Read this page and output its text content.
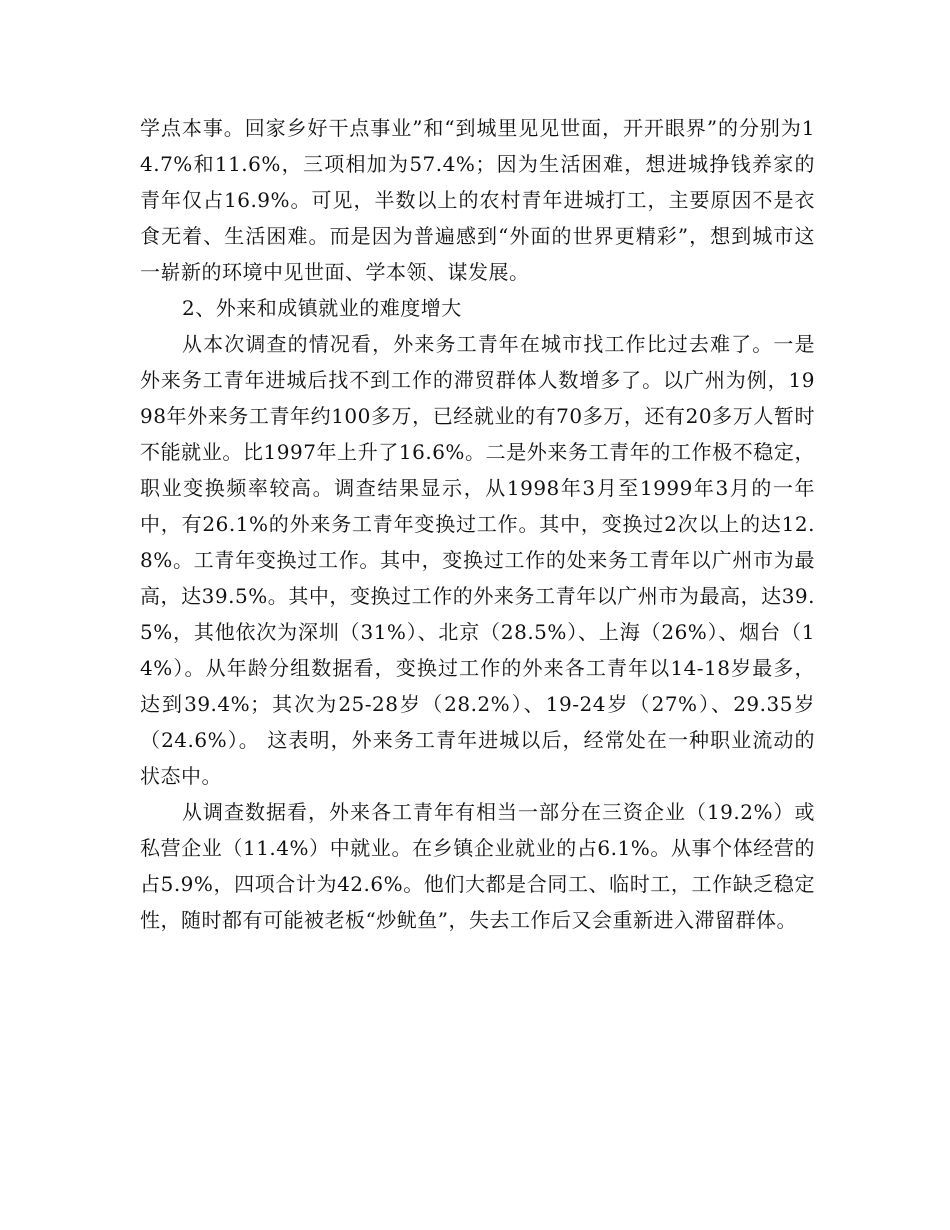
学点本事。回家乡好干点事业”和“到城里见见世面，开开眼界”的分别为14.7%和11.6%，三项相加为57.4%；因为生活困难，想进城挣钱养家的青年仅占16.9%。可见，半数以上的农村青年进城打工，主要原因不是衣食无着、生活困难。而是因为普遍感到“外面的世界更精彩”，想到城市这一崭新的环境中见世面、学本领、谋发展。

2、外来和成镇就业的难度增大

从本次调查的情况看，外来务工青年在城市找工作比过去难了。一是外来务工青年进城后找不到工作的滞贸群体人数增多了。以广州为例，1998年外来务工青年约100多万，已经就业的有70多万，还有20多万人暂时不能就业。比1997年上升了16.6%。二是外来务工青年的工作极不稳定，职业变换频率较高。调查结果显示，从1998年3月至1999年3月的一年中，有26.1%的外来务工青年变换过工作。其中，变换过2次以上的达12.8%。工青年变换过工作。其中，变换过工作的处来务工青年以广州市为最高，达39.5%。其中，变换过工作的外来务工青年以广州市为最高，达39.5%，其他依次为深圳（31%）、北京（28.5%）、上海（26%）、烟台（14%）。从年龄分组数据看，变换过工作的外来各工青年以14-18岁最多，达到39.4%；其次为25-28岁（28.2%）、19-24岁（27%）、29.35岁（24.6%）。 这表明，外来务工青年进城以后，经常处在一种职业流动的状态中。

从调查数据看，外来各工青年有相当一部分在三资企业（19.2%）或私营企业（11.4%）中就业。在乡镇企业就业的占6.1%。从事个体经营的占5.9%，四项合计为42.6%。他们大都是合同工、临时工，工作缺乏稳定性，随时都有可能被老板“炒鱿鱼”，失去工作后又会重新进入滞留群体。
